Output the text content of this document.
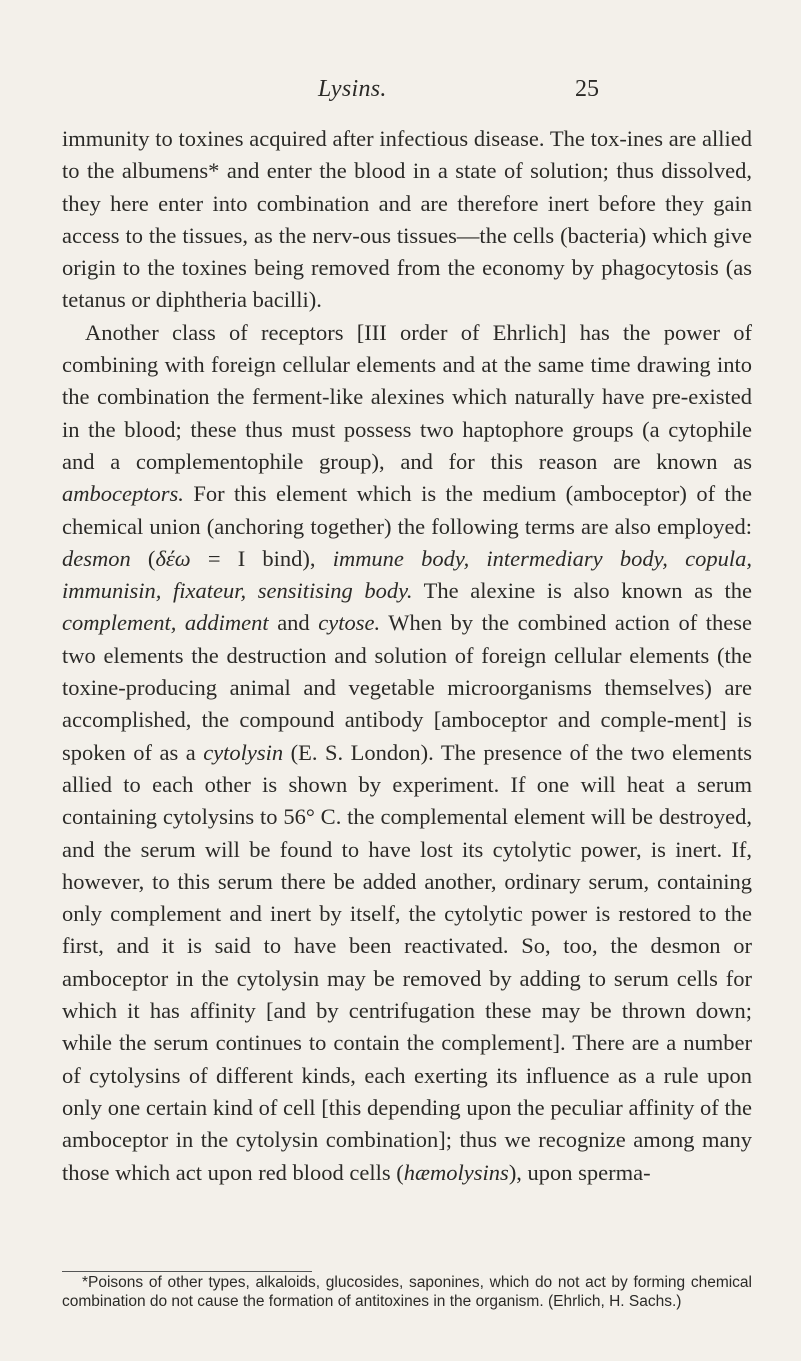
Lysins.	25

immunity to toxines acquired after infectious disease. The tox-ines are allied to the albumens* and enter the blood in a state of solution; thus dissolved, they here enter into combination and are therefore inert before they gain access to the tissues, as the nerv-ous tissues—the cells (bacteria) which give origin to the toxines being removed from the economy by phagocytosis (as tetanus or diphtheria bacilli).

Another class of receptors [III order of Ehrlich] has the power of combining with foreign cellular elements and at the same time drawing into the combination the ferment-like alexines which naturally have pre-existed in the blood; these thus must possess two haptophore groups (a cytophile and a complementophile group), and for this reason are known as amboceptors. For this element which is the medium (amboceptor) of the chemical union (anchoring together) the following terms are also employed: desmon (δέω = I bind), immune body, intermediary body, copula, immunisin, fixateur, sensitising body. The alexine is also known as the complement, addiment and cytose. When by the combined action of these two elements the destruction and solution of foreign cellular elements (the toxine-producing animal and vegetable microorganisms themselves) are accomplished, the compound antibody [amboceptor and comple-ment] is spoken of as a cytolysin (E. S. London). The presence of the two elements allied to each other is shown by experiment. If one will heat a serum containing cytolysins to 56° C. the complemental element will be destroyed, and the serum will be found to have lost its cytolytic power, is inert. If, however, to this serum there be added another, ordinary serum, containing only complement and inert by itself, the cytolytic power is restored to the first, and it is said to have been reactivated. So, too, the desmon or amboceptor in the cytolysin may be removed by adding to serum cells for which it has affinity [and by centrifugation these may be thrown down; while the serum continues to contain the complement]. There are a number of cytolysins of different kinds, each exerting its influence as a rule upon only one certain kind of cell [this depending upon the peculiar affinity of the amboceptor in the cytolysin combination]; thus we recognize among many those which act upon red blood cells (hæmolysins), upon sperma-

*Poisons of other types, alkaloids, glucosides, saponines, which do not act by forming chemical combination do not cause the formation of antitoxines in the organism. (Ehrlich, H. Sachs.)
